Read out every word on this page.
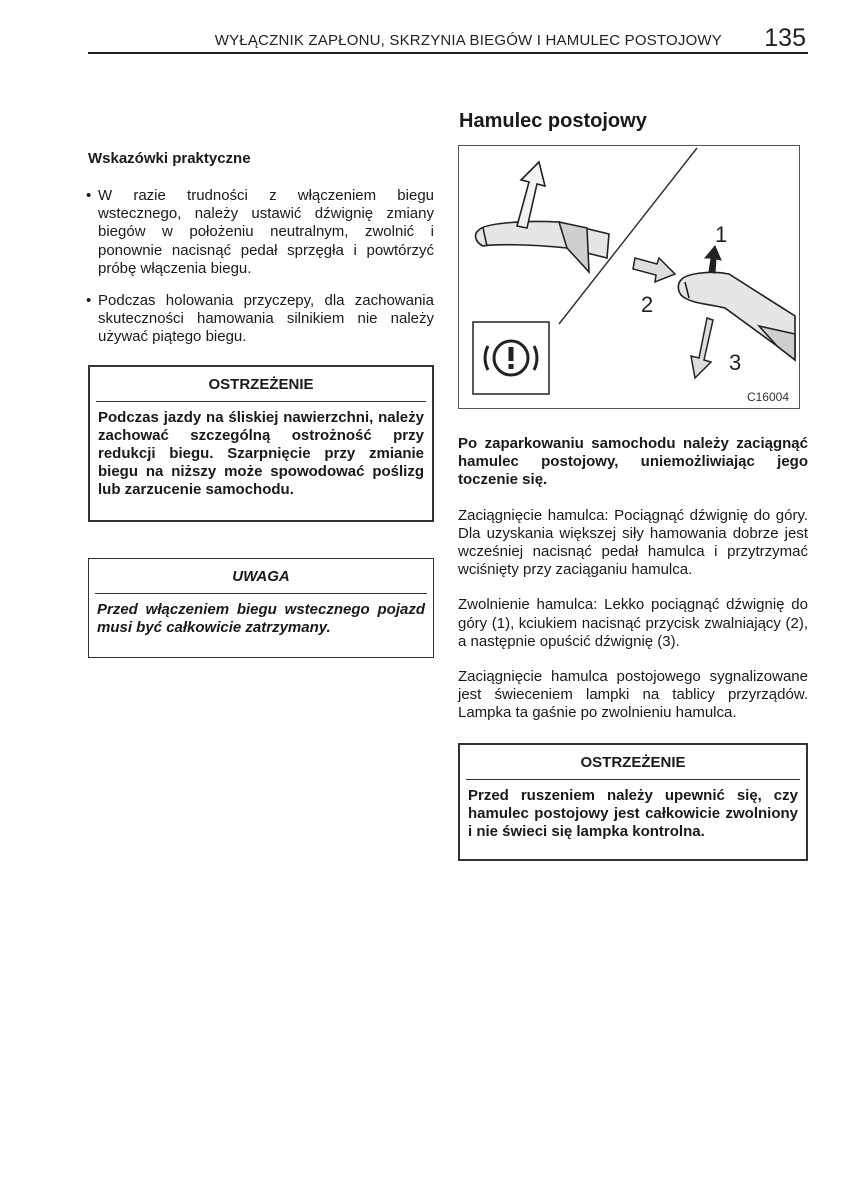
WYŁĄCZNIK ZAPŁONU, SKRZYNIA BIEGÓW I HAMULEC POSTOJOWY 135
Wskazówki praktyczne
• W razie trudności z włączeniem biegu wstecznego, należy ustawić dźwignię zmiany biegów w położeniu neutralnym, zwolnić i ponownie nacisnąć pedał sprzęgła i powtórzyć próbę włączenia biegu.
• Podczas holowania przyczepy, dla zachowania skuteczności hamowania silnikiem nie należy używać piątego biegu.
OSTRZEŻENIE
Podczas jazdy na śliskiej nawierzchni, należy zachować szczególną ostrożność przy redukcji biegu. Szarpnięcie przy zmianie biegu na niższy może spowodować poślizg lub zarzucenie samochodu.
UWAGA
Przed włączeniem biegu wstecznego pojazd musi być całkowicie zatrzymany.
Hamulec postojowy
1
2
3
C16004
Po zaparkowaniu samochodu należy zaciągnąć hamulec postojowy, uniemożliwiając jego toczenie się.
Zaciągnięcie hamulca: Pociągnąć dźwignię do góry. Dla uzyskania większej siły hamowania dobrze jest wcześniej nacisnąć pedał hamulca i przytrzymać wciśnięty przy zaciąganiu hamulca.
Zwolnienie hamulca: Lekko pociągnąć dźwignię do góry (1), kciukiem nacisnąć przycisk zwalniający (2), a następnie opuścić dźwignię (3).
Zaciągnięcie hamulca postojowego sygnalizowane jest świeceniem lampki na tablicy przyrządów. Lampka ta gaśnie po zwolnieniu hamulca.
OSTRZEŻENIE
Przed ruszeniem należy upewnić się, czy hamulec postojowy jest całkowicie zwolniony i nie świeci się lampka kontrolna.
